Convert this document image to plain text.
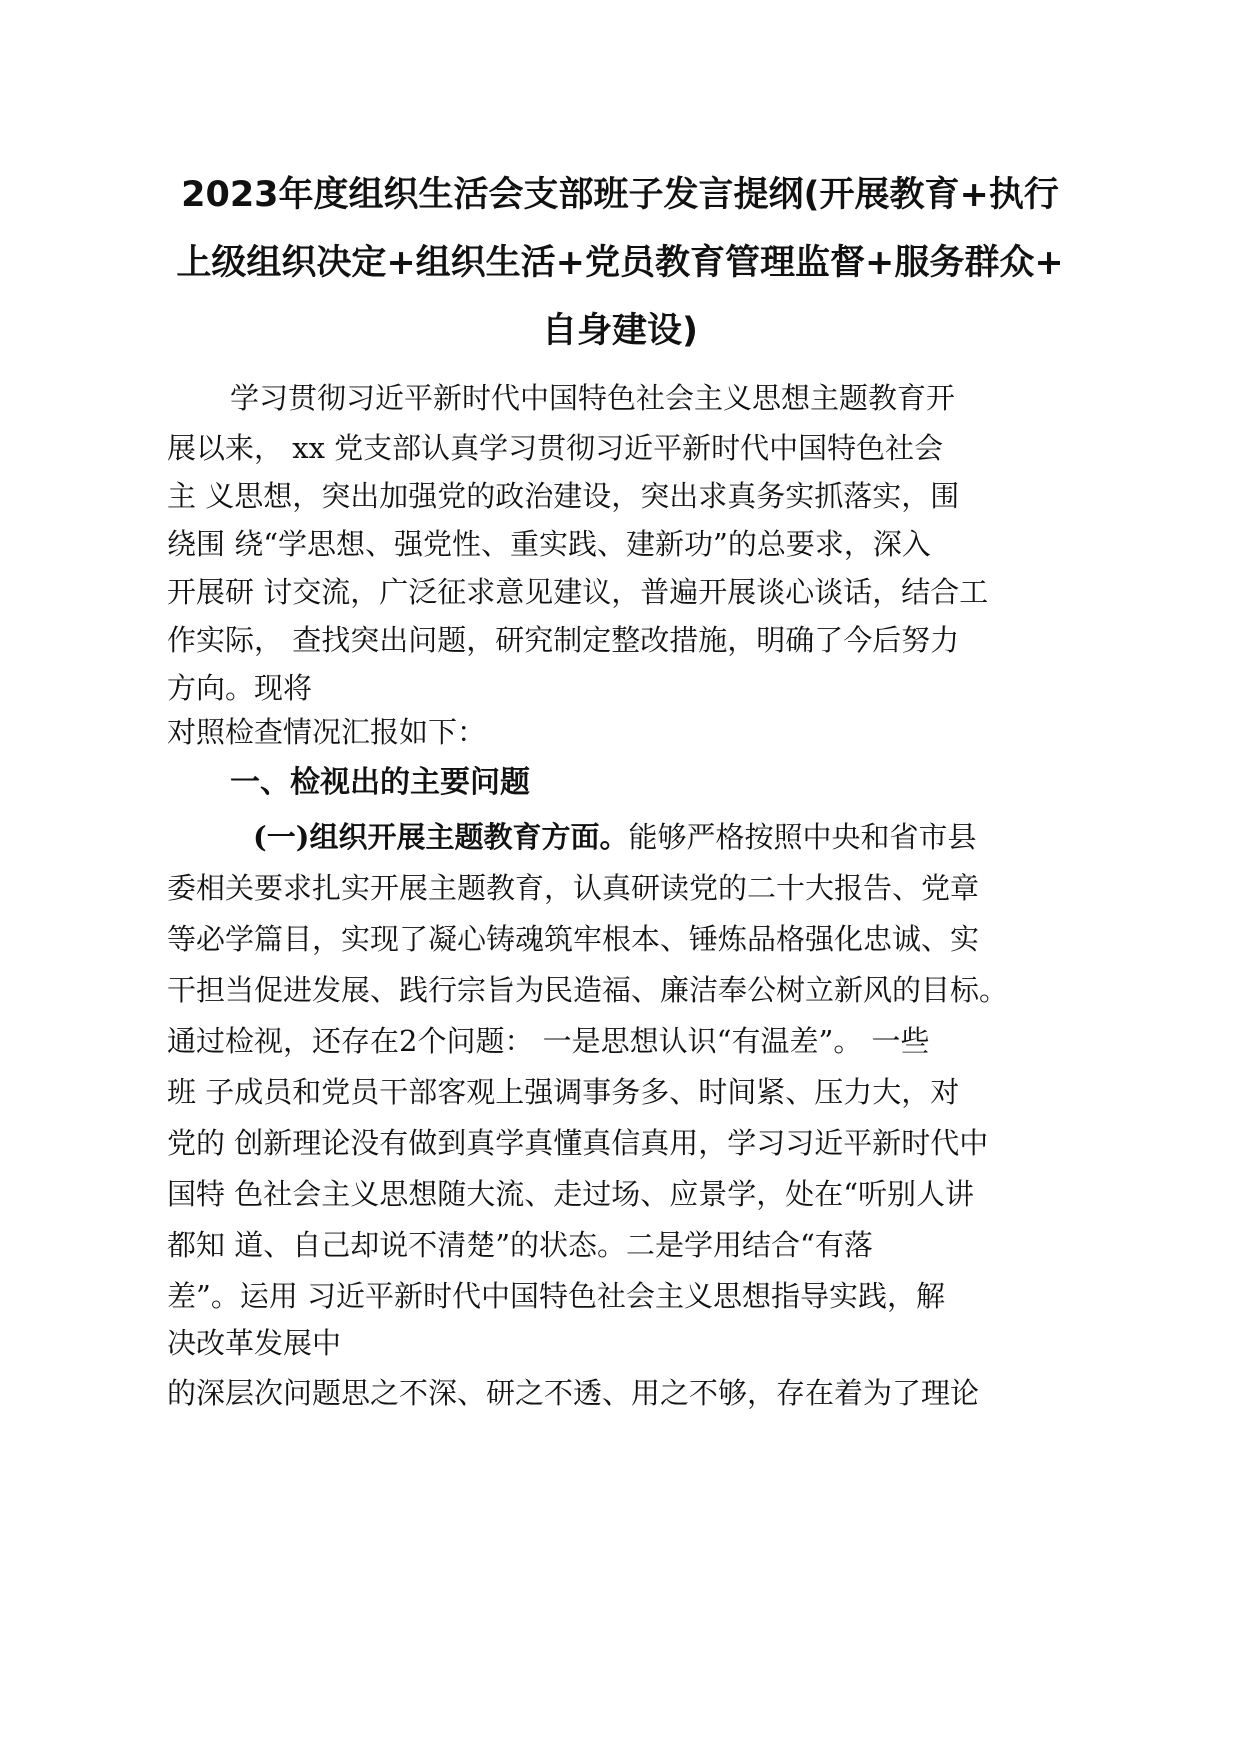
2023年度组织生活会支部班子发言提纲(开展教育+执行
上级组织决定+组织生活+党员教育管理监督+服务群众+
自身建设)
学习贯彻习近平新时代中国特色社会主义思想主题教育开
展以来， xx 党支部认真学习贯彻习近平新时代中国特色社会
主 义思想，突出加强党的政治建设，突出求真务实抓落实，围
绕围 绕“学思想、强党性、重实践、建新功”的总要求，深入
开展研 讨交流，广泛征求意见建议，普遍开展谈心谈话，结合工
作实际， 查找突出问题，研究制定整改措施，明确了今后努力
方向。现将
对照检查情况汇报如下：
一、检视出的主要问题
(一)组织开展主题教育方面。能够严格按照中央和省市县
委相关要求扎实开展主题教育，认真研读党的二十大报告、党章
等必学篇目，实现了凝心铸魂筑牢根本、锤炼品格强化忠诚、实
干担当促进发展、践行宗旨为民造福、廉洁奉公树立新风的目标。
通过检视，还存在2个问题： 一是思想认识“有温差”。 一些
班 子成员和党员干部客观上强调事务多、时间紧、压力大，对
党的 创新理论没有做到真学真懂真信真用，学习习近平新时代中
国特 色社会主义思想随大流、走过场、应景学，处在“听别人讲
都知 道、自己却说不清楚”的状态。二是学用结合“有落
差”。运用 习近平新时代中国特色社会主义思想指导实践，解
决改革发展中
的深层次问题思之不深、研之不透、用之不够，存在着为了理论
